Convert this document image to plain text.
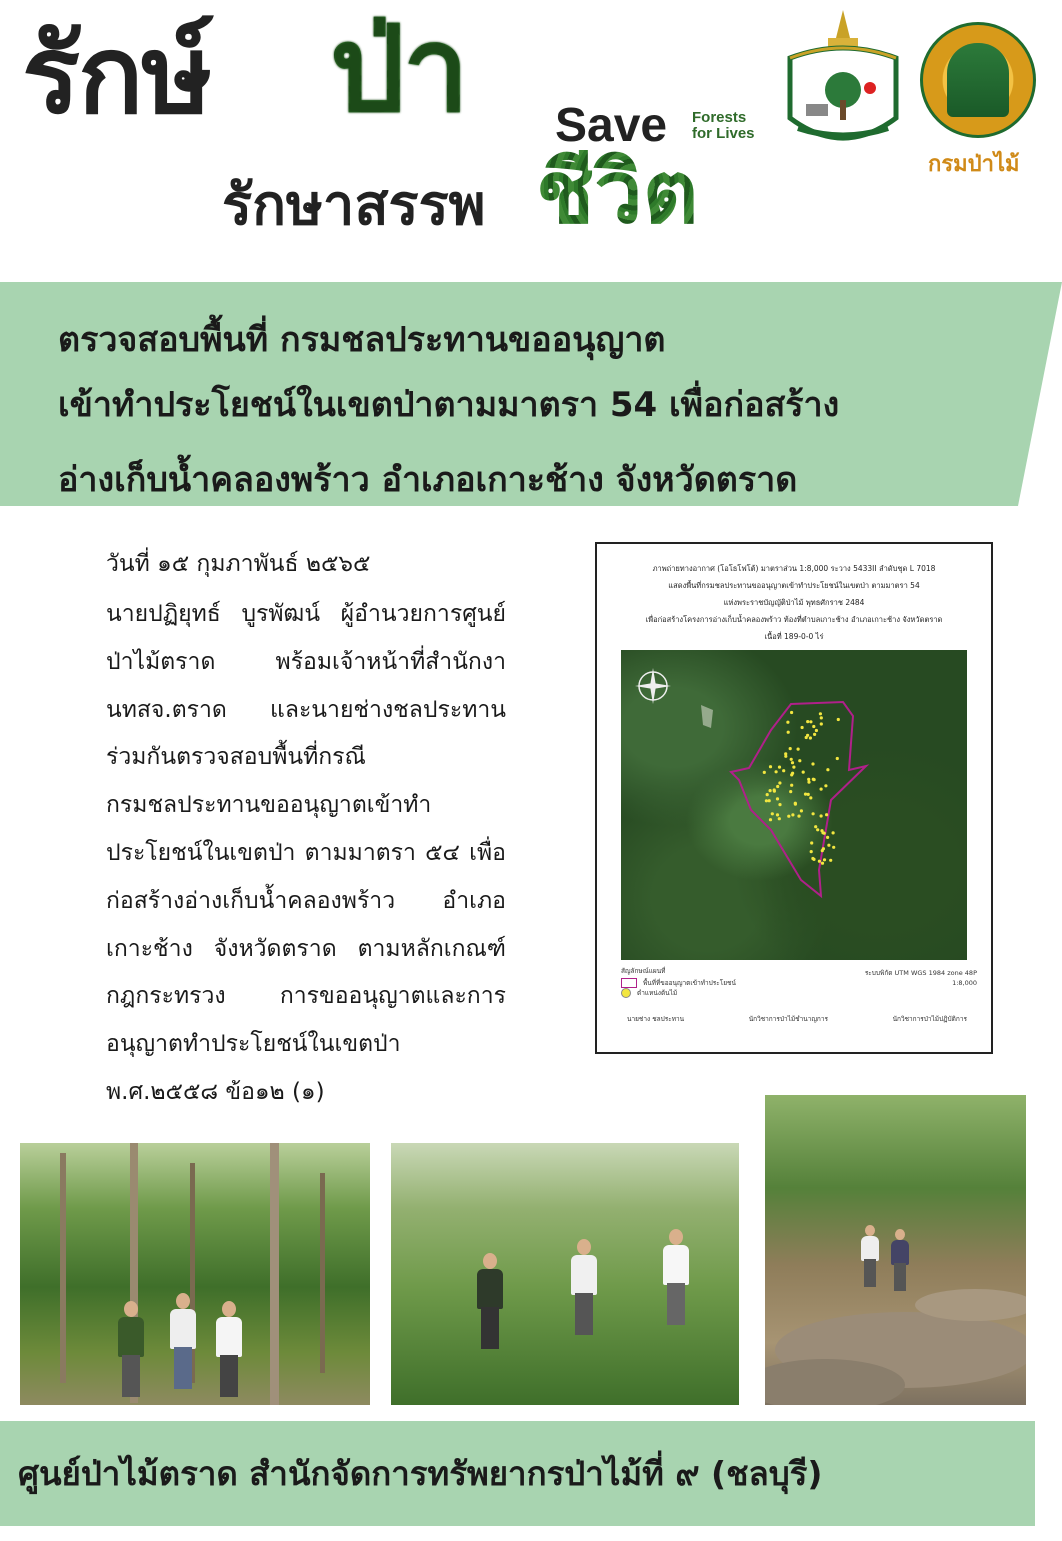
รักษ์ ป่า
รักษาสรรพ ชีวิต
Save Forests
for Lives
กรมป่าไม้
ตรวจสอบพื้นที่ กรมชลประทานขออนุญาต
เข้าทำประโยชน์ในเขตป่าตามมาตรา 54 เพื่อก่อสร้าง
อ่างเก็บน้ำคลองพร้าว อำเภอเกาะช้าง จังหวัดตราด
วันที่ ๑๕ กุมภาพันธ์ ๒๕๖๕
นายปฏิยุทธ์ บูรพัฒน์ ผู้อำนวยการศูนย์ป่าไม้ตราด พร้อมเจ้าหน้าที่สำนักงานทสจ.ตราด และนายช่างชลประทาน ร่วมกันตรวจสอบพื้นที่กรณีกรมชลประทานขออนุญาตเข้าทำประโยชน์ในเขตป่า ตามมาตรา ๕๔ เพื่อก่อสร้างอ่างเก็บน้ำคลองพร้าว อำเภอเกาะช้าง จังหวัดตราด ตามหลักเกณฑ์กฎกระทรวง การขออนุญาตและการอนุญาตทำประโยชน์ในเขตป่า พ.ศ.๒๕๕๘ ข้อ๑๒ (๑)
ภาพถ่ายทางอากาศ (โอโธโฟโต้) มาตราส่วน 1:8,000 ระวาง 5433II ลำดับชุด L 7018
แสดงพื้นที่กรมชลประทานขออนุญาตเข้าทำประโยชน์ในเขตป่า ตามมาตรา 54
แห่งพระราชบัญญัติป่าไม้ พุทธศักราช 2484
เพื่อก่อสร้างโครงการอ่างเก็บน้ำคลองพร้าว ท้องที่ตำบลเกาะช้าง อำเภอเกาะช้าง จังหวัดตราด
เนื้อที่ 189-0-0 ไร่
สัญลักษณ์แผนที่
พื้นที่ที่ขออนุญาตเข้าทำประโยชน์
ตำแหน่งต้นไม้
ระบบพิกัด UTM WGS 1984 zone 48P
1:8,000
นายช่าง ชลประทาน	นักวิชาการป่าไม้ชำนาญการ	นักวิชาการป่าไม้ปฏิบัติการ
ศูนย์ป่าไม้ตราด สำนักจัดการทรัพยากรป่าไม้ที่ ๙ (ชลบุรี)
